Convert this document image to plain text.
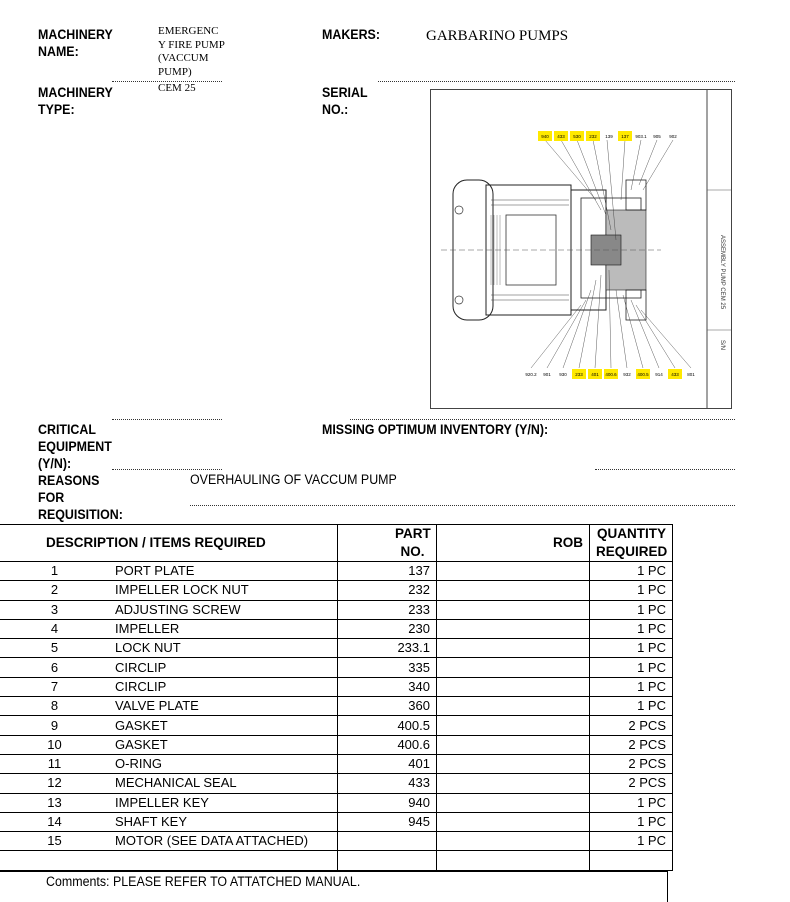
MACHINERY NAME:
EMERGENC Y FIRE PUMP (VACCUM PUMP)
MACHINERY TYPE:
CEM 25
MAKERS:	GARBARINO PUMPS
SERIAL NO.:
ASSEMBLY PUMP CEM 25
S/N
940 433 530 232 139 137 903.1 905 902
920.2 901 930 233 401 400.6 932 400.5 914 433 801
CRITICAL EQUIPMENT (Y/N):
MISSING OPTIMUM INVENTORY (Y/N):
REASONS FOR REQUISITION:
OVERHAULING OF VACCUM PUMP
DESCRIPTION / ITEMS REQUIRED		PART NO.	ROB	QUANTITY REQUIRED

1	PORT PLATE	137		1 PC
2	IMPELLER LOCK NUT	232		1 PC
3	ADJUSTING SCREW	233		1 PC
4	IMPELLER	230		1 PC
5	LOCK NUT	233.1		1 PC
6	CIRCLIP	335		1 PC
7	CIRCLIP	340		1 PC
8	VALVE PLATE	360		1 PC
9	GASKET	400.5		2 PCS
10	GASKET	400.6		2 PCS
11	O-RING	401		2 PCS
12	MECHANICAL SEAL	433		2 PCS
13	IMPELLER KEY	940		1 PC
14	SHAFT KEY	945		1 PC
15	MOTOR (SEE DATA ATTACHED)			1 PC

Comments: PLEASE REFER TO ATTATCHED MANUAL.
